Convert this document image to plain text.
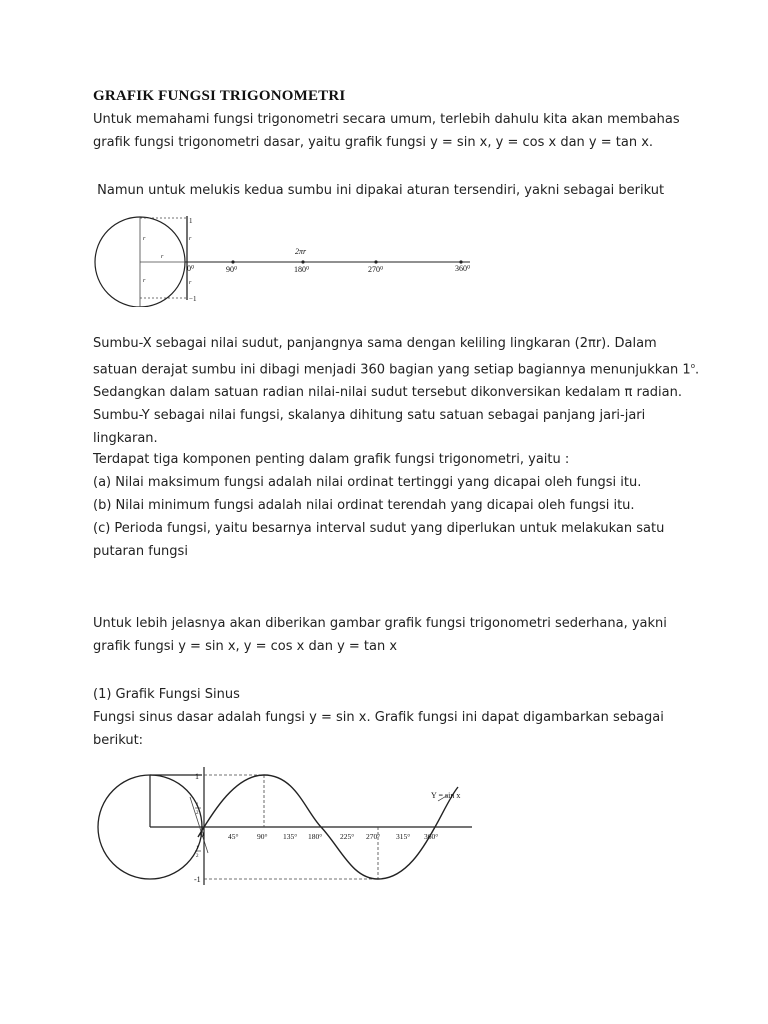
GRAFIK FUNGSI TRIGONOMETRI

Untuk memahami fungsi trigonometri secara umum, terlebih dahulu kita akan membahas
grafik fungsi trigonometri dasar, yaitu grafik fungsi y = sin x, y = cos x dan y = tan x.

Namun untuk melukis kedua sumbu ini dipakai aturan tersendiri, yakni sebagai berikut

1
−1
r
r
r
r
r
2πr
0⁰	90⁰	180⁰	270⁰	360⁰

Sumbu-X sebagai nilai sudut, panjangnya sama dengan keliling lingkaran (2πr). Dalam
satuan derajat sumbu ini dibagi menjadi 360 bagian yang setiap bagiannya menunjukkan 1$^o$.
Sedangkan dalam satuan radian nilai-nilai sudut tersebut dikonversikan kedalam π radian.
Sumbu-Y sebagai nilai fungsi, skalanya dihitung satu satuan sebagai panjang jari-jari
lingkaran.

Terdapat tiga komponen penting dalam grafik fungsi trigonometri, yaitu :
(a) Nilai maksimum fungsi adalah nilai ordinat tertinggi yang dicapai oleh fungsi itu.
(b) Nilai minimum fungsi adalah nilai ordinat terendah yang dicapai oleh fungsi itu.
(c) Perioda fungsi, yaitu besarnya interval sudut yang diperlukan untuk melakukan satu
putaran fungsi

Untuk lebih jelasnya akan diberikan gambar grafik fungsi trigonometri sederhana, yakni
grafik fungsi y = sin x, y = cos x dan y = tan x

(1) Grafik Fungsi Sinus
Fungsi sinus dasar adalah fungsi y = sin x. Grafik fungsi ini dapat digambarkan sebagai
berikut:

1
-1
0
1
2
1
2
Y = sin x
45° 90° 135° 180° 225° 270° 315° 360°
